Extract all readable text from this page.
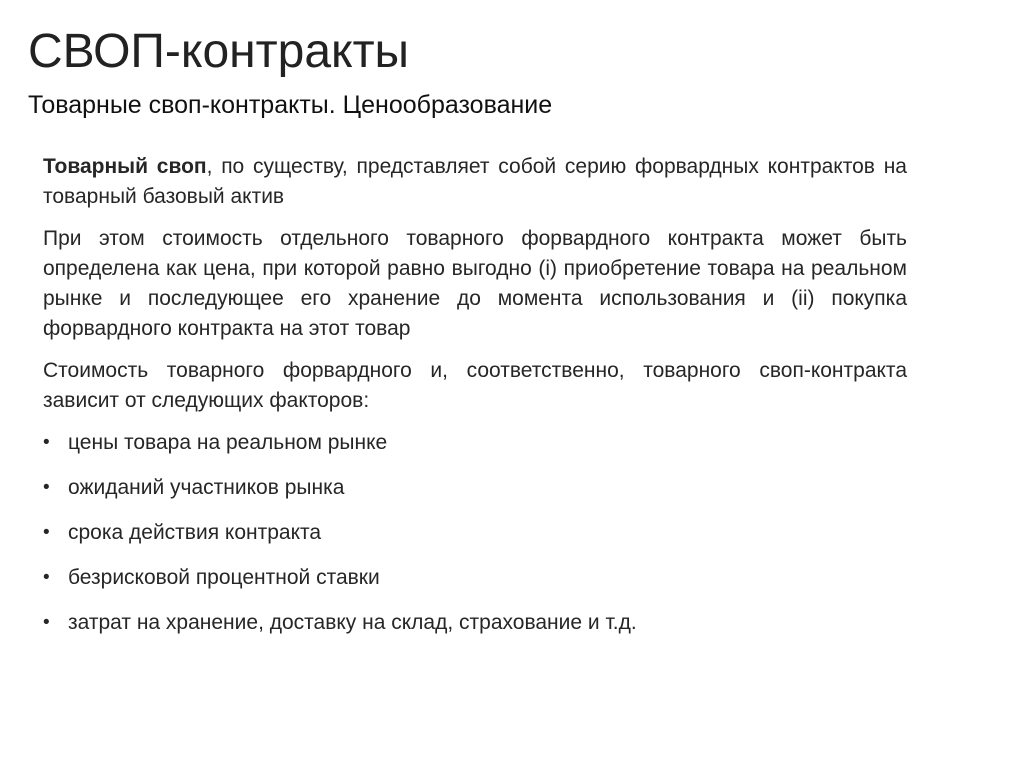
СВОП-контракты
Товарные своп-контракты. Ценообразование

Товарный своп, по существу, представляет собой серию форвардных контрактов на товарный базовый актив

При этом стоимость отдельного товарного форвардного контракта может быть определена как цена, при которой равно выгодно (i) приобретение товара на реальном рынке и последующее его хранение до момента использования и (ii) покупка форвардного контракта на этот товар

Стоимость товарного форвардного и, соответственно, товарного своп-контракта зависит от следующих факторов:

• цены товара на реальном рынке
• ожиданий участников рынка
• срока действия контракта
• безрисковой процентной ставки
• затрат на хранение, доставку на склад, страхование и т.д.
